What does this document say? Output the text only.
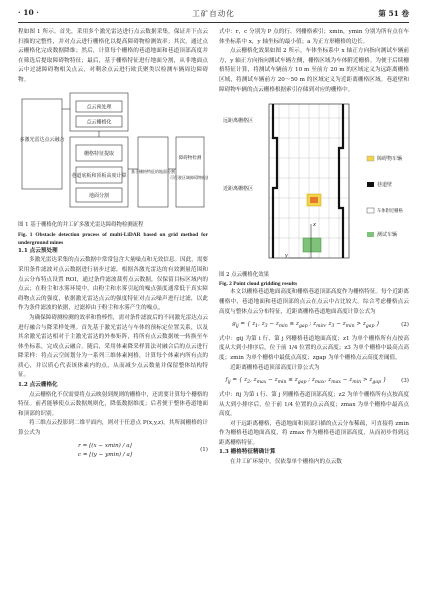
· 10 ·	工矿自动化	第 51 卷

程如图 1 所示。首先，采用多个激光雷达进行点云数据采集，保证并下点云扫描的完整性，并对点云进行栅格化以提高障碍物检测效率；其次，通过点云栅格化完成数据降维；然后，计算每个栅格的巷道地面和巷道顶部高度并在筛选后提取障碍物特征；最后，基于栅格特征进行地面分割，从非地面点云中过滤障碍物相关点云，对剩余点云进行欧氏聚类以检测车辆周边障碍物。

多激光雷达点云融合
点云预处理
点云栅格化
栅格特征提取
巷道底板和顶板高度计算
地面分割
基于栅格特征的地面分割
障碍物检测
可行驶区域障碍物检测

图 1 基于栅格化的井工矿多激光雷达障碍物检测流程

Fig. 1 Obstacle detection process of multi-LiDAR based on grid method for underground mines

1.1 点云预处理

多激光雷达采集的点云数据中常常包含大量噪点和无效信息。因此，需要采用条件滤波对点云数据进行初步过滤，根据各激光雷达的有效测量范围和点云分布特点设置 ROI，通过条件滤波裁剪点云数据，仅保留目标区域内的点云；在粉尘和水雾环境中，由粉尘和水雾引起的噪点强度通常低于真实障碍物点云的强度，依据激光雷达点云的强度特征对点云噪声进行过滤，以此作为条件滤波的依据，过滤掉由于粉尘和水雾产生的噪点。

为确保障碍测检测的效率和鲁棒性，需对条件滤波后的不同激光雷达点云进行融合与降采样处理。首先基于激光雷达与车体的预标定位置关系，以及其余激光雷达相对于主激光雷达的外参矩阵，将所有点云数据统一转换至车体坐标系，完成点云融合。随后，采用体素降采样算法对融合后的点云进行降采样：将点云空间划分为一系列三维体素网格，计算每个体素内所有点的质心，并以质心代表该体素内的点，从而减少点云数量并保留整体结构特征。

1.2 点云栅格化

点云栅格化不仅需要将点云映射到规则的栅格中，还需要计算每个栅格的特征。前者能够使点云数据规则化，降低数据维度；后者便于整体巷道地面和顶部的识别。

将三维点云投影到二维平面内，则对于任意点 P(x,y,z)，其所属栅格的计算公式为

r = ⌊(x − xmin) / a⌋
c = ⌊(y − ymin) / a⌋
(1)

式中：r，c 分别为 P 点的行、列栅格索引；xmin，ymin 分别为所有点在车体坐标系中 x，y 轴坐标的最小值；a 为正方形栅格的边长。

点云栅格化效果如图 2 所示。车体坐标系中 x 轴正方向指向测试车辆前方，y 轴正方向指向测试车辆左侧，栅格区域为车体附近栅格。为便于后续栅格特征计算，将测试车辆前方 10 m 至前方 20 m 的区域定义为远距离栅格区域，将测试车辆前方 20～50 m 的区域定义为近距离栅格区域。巷道壁和障碍物车辆的点云栅格根据索引存储到对应的栅格中。

远距离栅格区
近距离栅格区
障碍物车辆
巷道壁
车体附近栅格
测试车辆
x
y

图 2 点云栅格化效果

Fig. 2 Point cloud gridding results

本文以栅格巷道地面高度和栅格巷道顶部高度作为栅格特征。每个近距离栅格中，巷道地面和巷道顶部的点云在点云中占比较大。综合考虑栅格点云高度与整体点云分布特征，近距离栅格巷道地面高度计算公式为

$g_{ij}$ = { $z_1$, $z_3 - z_{min} \le z_{gap}$ ; $z_{min}$, $z_3 - z_{min} > z_{gap}$ }	(2)

式中：gij 为第 i 行、第 j 列栅格巷道地面高度；z1 为单个栅格所有点按高度从大到小排序后，位于前 1/4 位置的点云高度；z3 为单个栅格中最高点高度；zmin 为单个栅格中最低点高度；zgap 为单个栅格点云高度差阈值。

近距离栅格巷道顶部高度计算公式为

$f_{ij}$ = { $z_2$, $z_{max} - z_{min} \le z_{gap}$ ; $z_{max}$, $z_{max} - z_{min} > z_{gap}$ }	(3)

式中：fij 为第 i 行、第 j 列栅格巷道顶部高度；z2 为单个栅格所有点按高度从大到小排序后，位于前 1/4 位置的点云高度；zmax 为单个栅格中最高点高度。

对于远距离栅格，巷道地面和顶部扫描的点云分布稀疏，可直接将 zmin 作为栅格巷道地面高度，将 zmax 作为栅格巷道顶部高度，从而初步得到远距离栅格特征。

1.3 栅格特征精确计算

在井工矿环境中，仅依靠单个栅格内的点云数
